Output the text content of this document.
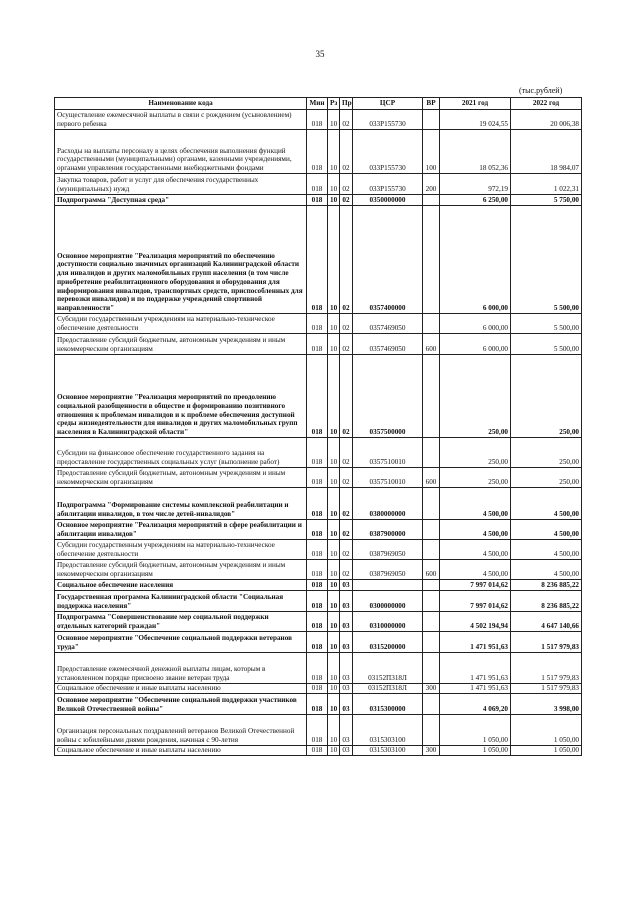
35
(тыс.рублей)
Наименование кода	Мин	Рз	Пр	ЦСР	ВР	2021 год	2022 год
Осуществление ежемесячной выплаты в связи с рождением (усыновлением) первого ребенка	018	10	02	033Р155730		19 024,55	20 006,38
Расходы на выплаты персоналу в целях обеспечения выполнения функций государственными (муниципальными) органами, казенными учреждениями, органами управления государственными внебюджетными фондами	018	10	02	033Р155730	100	18 052,36	18 984,07
Закупка товаров, работ и услуг для обеспечения государственных (муниципальных) нужд	018	10	02	033Р155730	200	972,19	1 022,31
Подпрограмма "Доступная среда"	018	10	02	0350000000		6 250,00	5 750,00
Основное мероприятие "Реализация мероприятий по обеспечению доступности социально значимых организаций Калининградской области для инвалидов и других маломобильных групп населения (в том числе приобретение реабилитационного оборудования и оборудования для информирования инвалидов, транспортных средств, приспособленных для перевозки инвалидов) и по поддержке учреждений спортивной направленности"	018	10	02	0357400000		6 000,00	5 500,00
Субсидии государственным учреждениям на материально-техническое обеспечение деятельности	018	10	02	0357469050		6 000,00	5 500,00
Предоставление субсидий бюджетным, автономным учреждениям и иным некоммерческим организациям	018	10	02	0357469050	600	6 000,00	5 500,00
Основное мероприятие "Реализация мероприятий по преодолению социальной разобщенности в обществе и формированию позитивного отношения к проблемам инвалидов и к проблеме обеспечения доступной среды жизнедеятельности для инвалидов и других маломобильных групп населения в Калининградской области"	018	10	02	0357500000		250,00	250,00
Субсидии на финансовое обеспечение государственного задания на предоставление государственных социальных услуг (выполнение работ)	018	10	02	0357510010		250,00	250,00
Предоставление субсидий бюджетным, автономным учреждениям и иным некоммерческим организациям	018	10	02	0357510010	600	250,00	250,00
Подпрограмма "Формирование системы комплексной реабилитации и абилитации инвалидов, в том числе детей-инвалидов"	018	10	02	0380000000		4 500,00	4 500,00
Основное мероприятие "Реализация мероприятий в сфере реабилитации и абилитации инвалидов"	018	10	02	0387900000		4 500,00	4 500,00
Субсидии государственным учреждениям на материально-техническое обеспечение деятельности	018	10	02	0387969050		4 500,00	4 500,00
Предоставление субсидий бюджетным, автономным учреждениям и иным некоммерческим организациям	018	10	02	0387969050	600	4 500,00	4 500,00
Социальное обеспечение населения	018	10	03			7 997 014,62	8 236 885,22
Государственная программа Калининградской области "Социальная поддержка населения"	018	10	03	0300000000		7 997 014,62	8 236 885,22
Подпрограмма "Совершенствование мер социальной поддержки отдельных категорий граждан"	018	10	03	0310000000		4 502 194,94	4 647 140,66
Основное мероприятие "Обеспечение социальной поддержки ветеранов труда"	018	10	03	0315200000		1 471 951,63	1 517 979,83
Предоставление ежемесячной денежной выплаты лицам, которым в установленном порядке присвоено звание ветеран труда	018	10	03	03152П318Л		1 471 951,63	1 517 979,83
Социальное обеспечение и иные выплаты населению	018	10	03	03152П318Л	300	1 471 951,63	1 517 979,83
Основное мероприятие "Обеспечение социальной поддержки участников Великой Отечественной войны"	018	10	03	0315300000		4 069,20	3 998,00
Организация персональных поздравлений ветеранов Великой Отечественной войны с юбилейными днями рождения, начиная с 90-летия	018	10	03	0315303100		1 050,00	1 050,00
Социальное обеспечение и иные выплаты населению	018	10	03	0315303100	300	1 050,00	1 050,00
